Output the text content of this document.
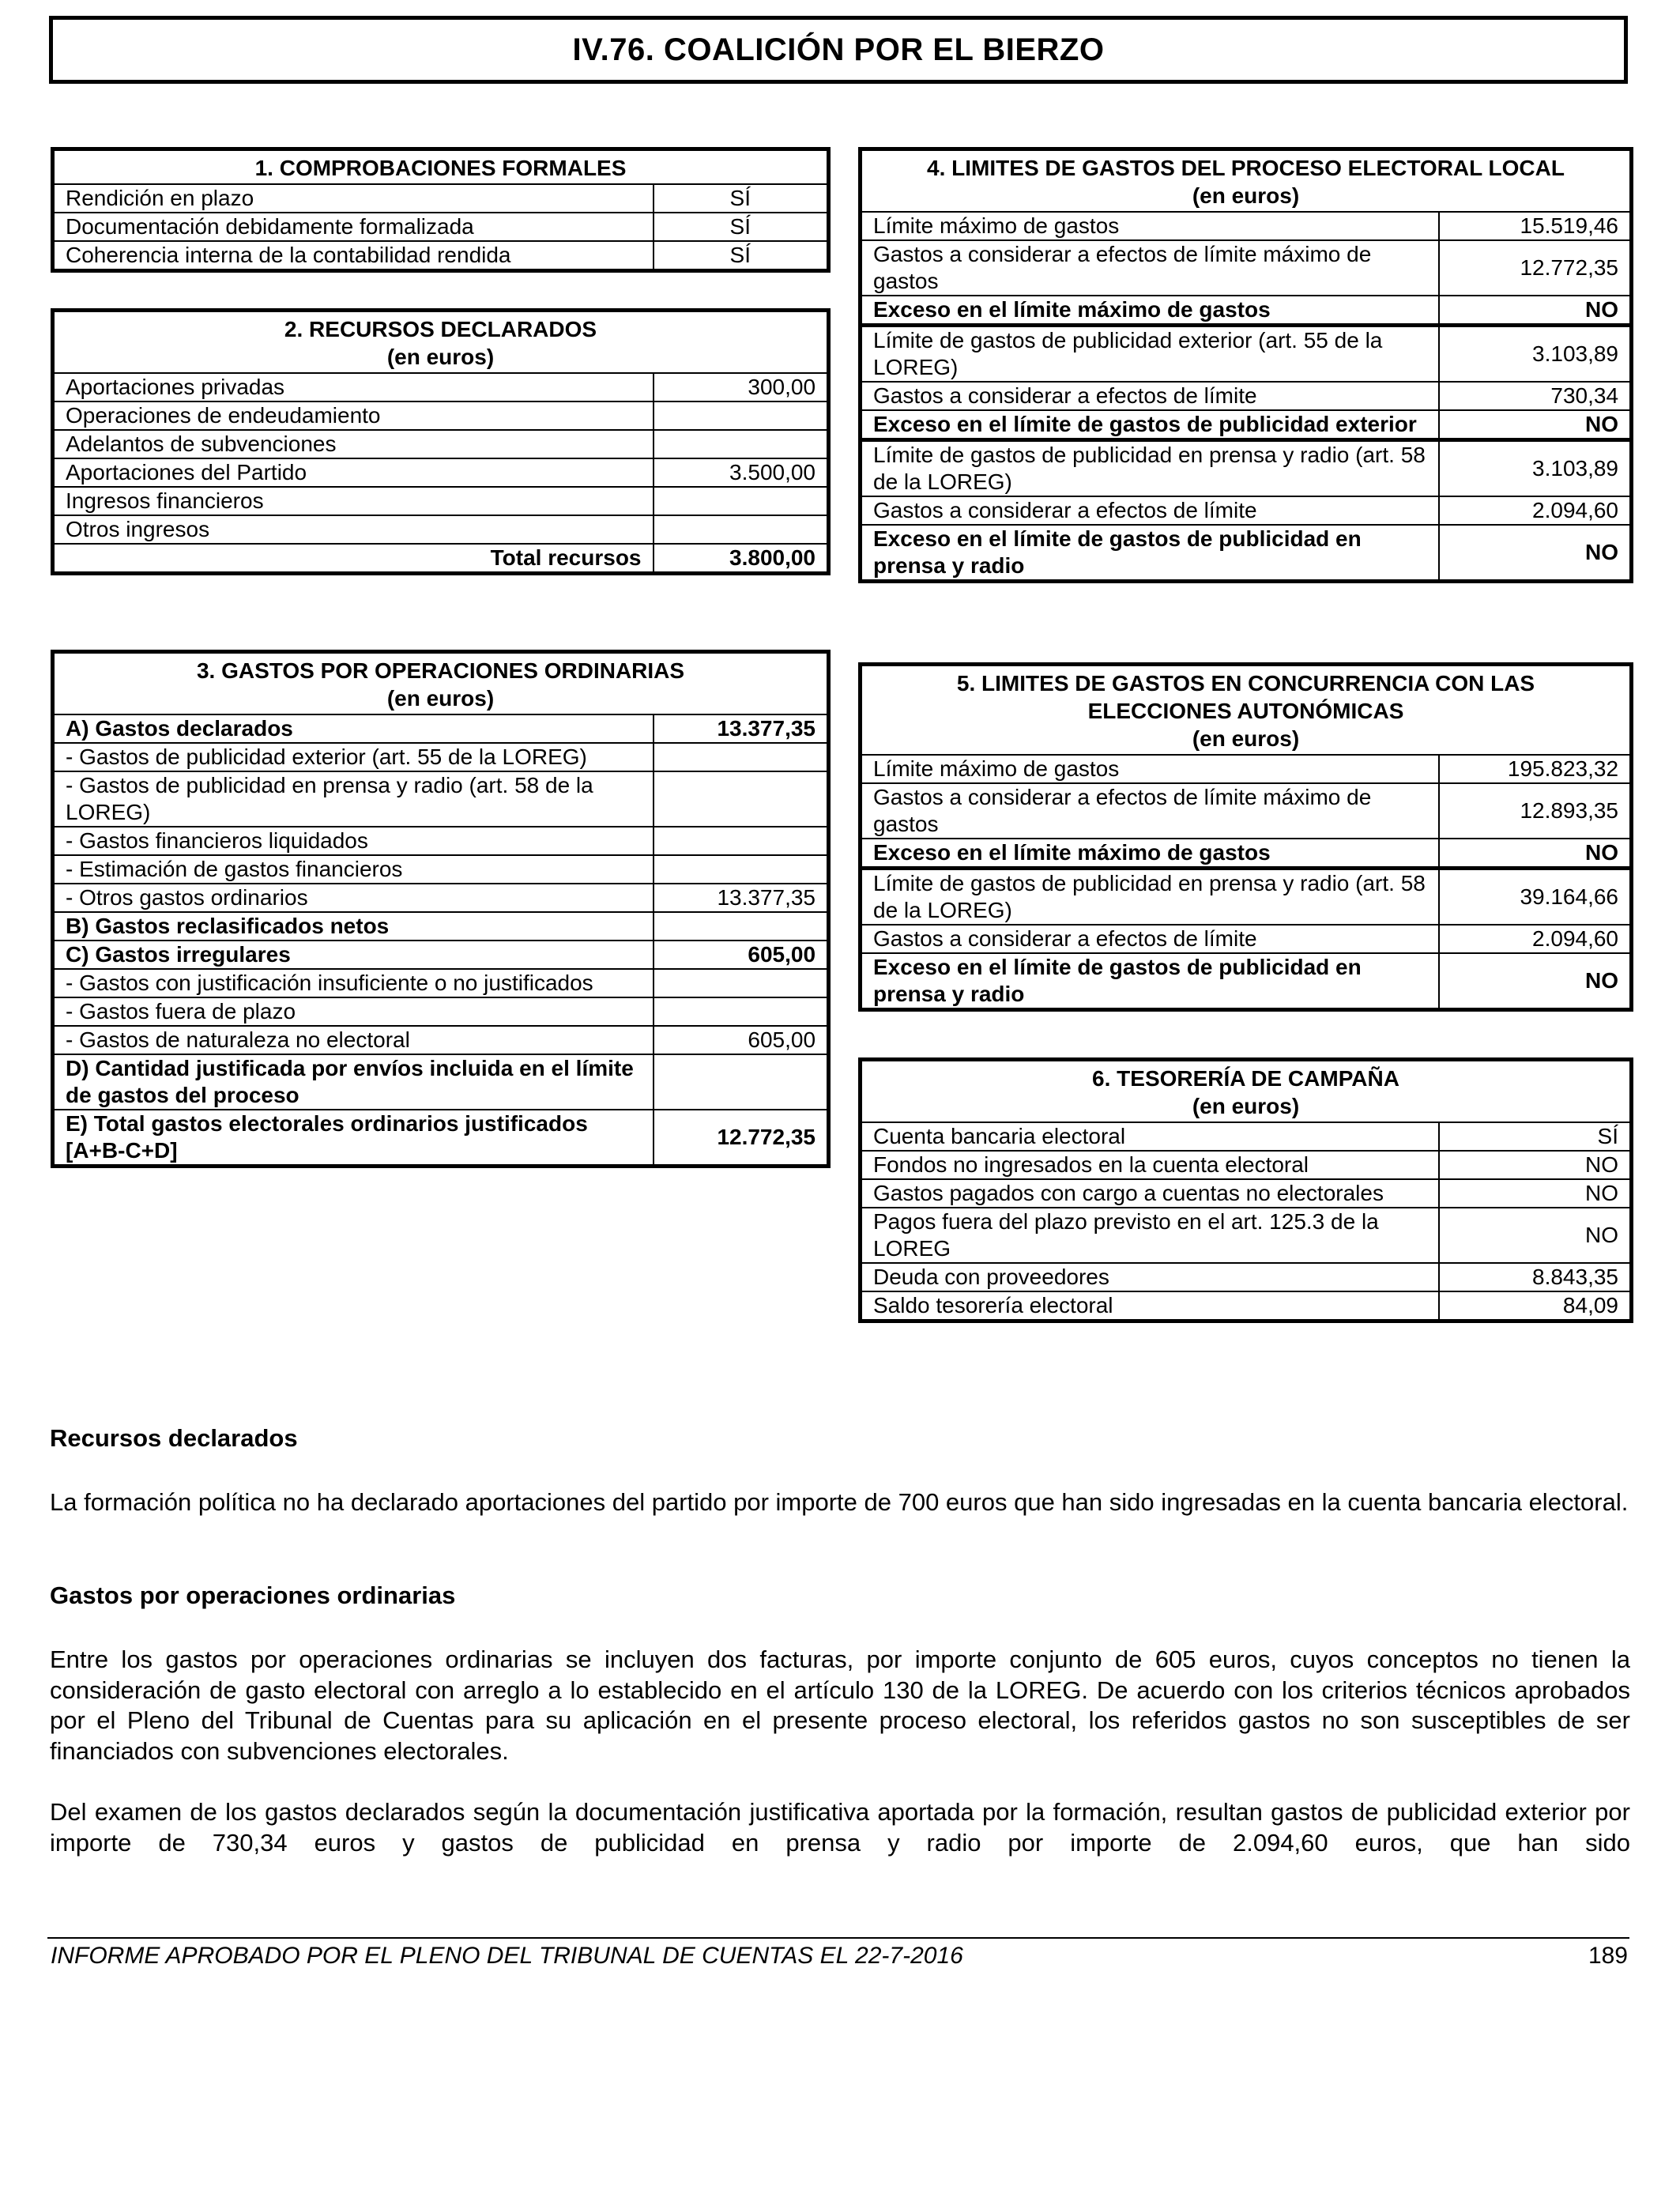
IV.76. COALICIÓN POR EL BIERZO
1. COMPROBACIONES FORMALES	
Rendición en plazo	SÍ
Documentación debidamente formalizada	SÍ
Coherencia interna de la contabilidad rendida	SÍ
2. RECURSOS DECLARADOS
(en euros)	

Aportaciones privadas	300,00
Operaciones de endeudamiento	
Adelantos de subvenciones	
Aportaciones del Partido	3.500,00
Ingresos financieros	
Otros ingresos	
Total recursos	3.800,00
3. GASTOS POR OPERACIONES ORDINARIAS
(en euros)	

A) Gastos declarados	13.377,35
- Gastos de publicidad exterior (art. 55 de la LOREG)	
- Gastos de publicidad en prensa y radio (art. 58 de la LOREG)	
- Gastos financieros liquidados	
- Estimación de gastos financieros	
- Otros gastos ordinarios	13.377,35
B) Gastos reclasificados netos	
C) Gastos irregulares	605,00
- Gastos con justificación insuficiente o no justificados	
- Gastos fuera de plazo	
- Gastos de naturaleza no electoral	605,00
D) Cantidad justificada por envíos incluida en el límite de gastos del proceso	
E) Total gastos electorales ordinarios justificados [A+B-C+D]	12.772,35
4. LIMITES DE GASTOS DEL PROCESO ELECTORAL LOCAL
(en euros)	

Límite máximo de gastos	15.519,46
Gastos a considerar a efectos de límite máximo de gastos	12.772,35
Exceso en el límite máximo de gastos	NO
Límite de gastos de publicidad exterior (art. 55 de la LOREG)	3.103,89
Gastos a considerar a efectos de límite	730,34
Exceso en el límite de gastos de publicidad exterior	NO
Límite de gastos de publicidad en prensa y radio (art. 58 de la LOREG)	3.103,89
Gastos a considerar a efectos de límite	2.094,60
Exceso en el límite de gastos de publicidad en prensa y radio	NO
5. LIMITES DE GASTOS EN CONCURRENCIA CON LAS ELECCIONES AUTONÓMICAS
(en euros)	

Límite máximo de gastos	195.823,32
Gastos a considerar a efectos de límite máximo de gastos	12.893,35
Exceso en el límite máximo de gastos	NO
Límite de gastos de publicidad en prensa y radio (art. 58 de la LOREG)	39.164,66
Gastos a considerar a efectos de límite	2.094,60
Exceso en el límite de gastos de publicidad en prensa y radio	NO
6. TESORERÍA DE CAMPAÑA
(en euros)	

Cuenta bancaria electoral	SÍ
Fondos no ingresados en la cuenta electoral	NO
Gastos pagados con cargo a cuentas no electorales	NO
Pagos fuera del plazo previsto en el art. 125.3 de la LOREG	NO
Deuda con proveedores	8.843,35
Saldo tesorería electoral	84,09
Recursos declarados
La formación política no ha declarado aportaciones del partido por importe de 700 euros que han sido ingresadas en la cuenta bancaria electoral.
Gastos por operaciones ordinarias
Entre los gastos por operaciones ordinarias se incluyen dos facturas, por importe conjunto de 605 euros, cuyos conceptos no tienen la consideración de gasto electoral con arreglo a lo establecido en el artículo 130 de la LOREG. De acuerdo con los criterios técnicos aprobados por el Pleno del Tribunal de Cuentas para su aplicación en el presente proceso electoral, los referidos gastos no son susceptibles de ser financiados con subvenciones electorales.
Del examen de los gastos declarados según la documentación justificativa aportada por la formación, resultan gastos de publicidad exterior por importe de 730,34 euros y gastos de publicidad en prensa y radio por importe de 2.094,60 euros, que han sido
INFORME APROBADO POR EL PLENO DEL TRIBUNAL DE CUENTAS EL 22-7-2016	189
